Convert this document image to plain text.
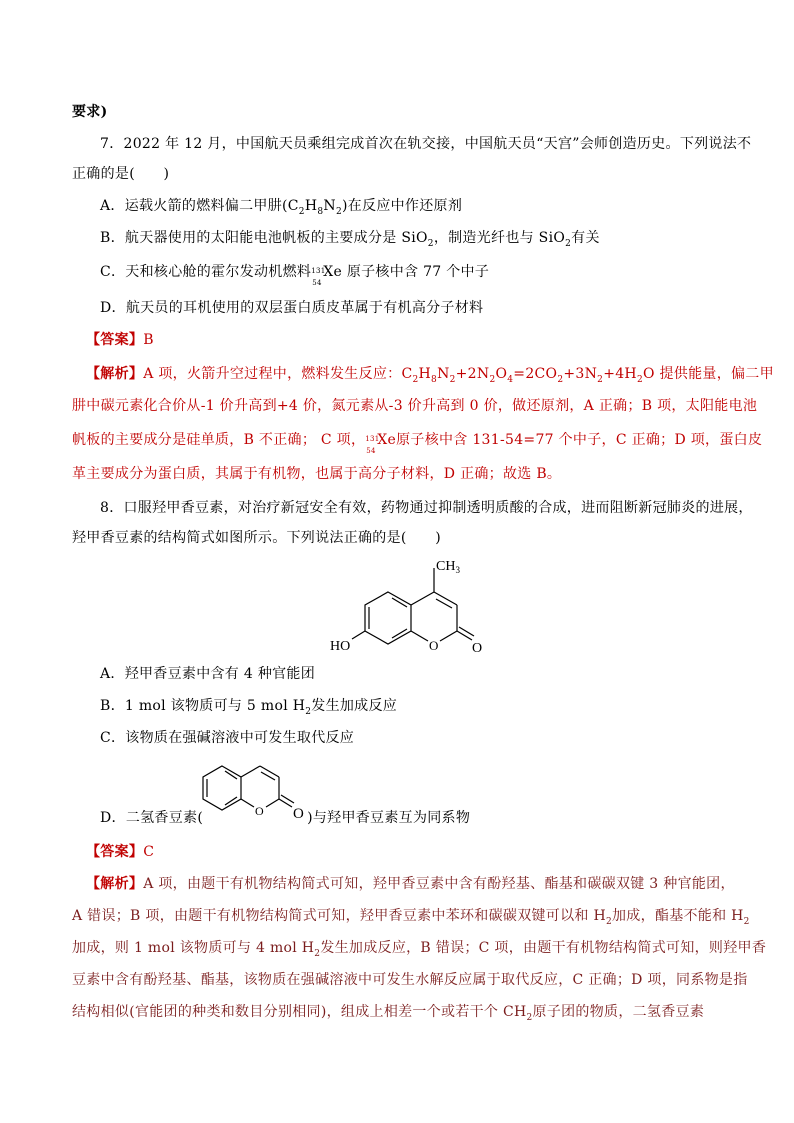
要求)
7．2022 年 12 月，中国航天员乘组完成首次在轨交接，中国航天员“天宫”会师创造历史。下列说法不
正确的是(　　)
A．运载火箭的燃料偏二甲肼$(C_2H_8N_2)$在反应中作还原剂
B．航天器使用的太阳能电池帆板的主要成分是 SiO$_2$，制造光纤也与 SiO$_2$有关
C．天和核心舱的霍尔发动机燃料 131
54
Xe 原子核中含 77 个中子
D．航天员的耳机使用的双层蛋白质皮革属于有机高分子材料
【答案】B
【解析】A 项，火箭升空过程中，燃料发生反应：$C_2H_8N_2+2N_2O_4=2CO_2+3N_2+4H_2O$ 提供能量，偏二甲
肼中碳元素化合价从-1 价升高到+4 价，氮元素从-3 价升高到 0 价，做还原剂，A 正确；B 项，太阳能电池
帆板的主要成分是硅单质，B 不正确； C 项， 131
54
Xe原子核中含 131-54=77 个中子，C 正确；D 项，蛋白皮
革主要成分为蛋白质，其属于有机物，也属于高分子材料，D 正确；故选 B。
8．口服羟甲香豆素，对治疗新冠安全有效，药物通过抑制透明质酸的合成，进而阻断新冠肺炎的进展，
羟甲香豆素的结构简式如图所示。下列说法正确的是(　　)
$CH_3$
HO	O O
A．羟甲香豆素中含有 4 种官能团
B．1 mol 该物质可与 5 mol $H_2$发生加成反应
C．该物质在强碱溶液中可发生取代反应
D．二氢香豆素(	)与羟甲香豆素互为同系物
O O
【答案】C
【解析】A 项，由题干有机物结构简式可知，羟甲香豆素中含有酚羟基、酯基和碳碳双键 3 种官能团，
A 错误；B 项，由题干有机物结构简式可知，羟甲香豆素中苯环和碳碳双键可以和 $H_2$加成，酯基不能和 $H_2$
加成，则 1 mol 该物质可与 4 mol $H_2$发生加成反应，B 错误；C 项，由题干有机物结构简式可知，则羟甲香
豆素中含有酚羟基、酯基，该物质在强碱溶液中可发生水解反应属于取代反应，C 正确；D 项，同系物是指
结构相似(官能团的种类和数目分别相同)，组成上相差一个或若干个 $CH_2$原子团的物质，二氢香豆素
